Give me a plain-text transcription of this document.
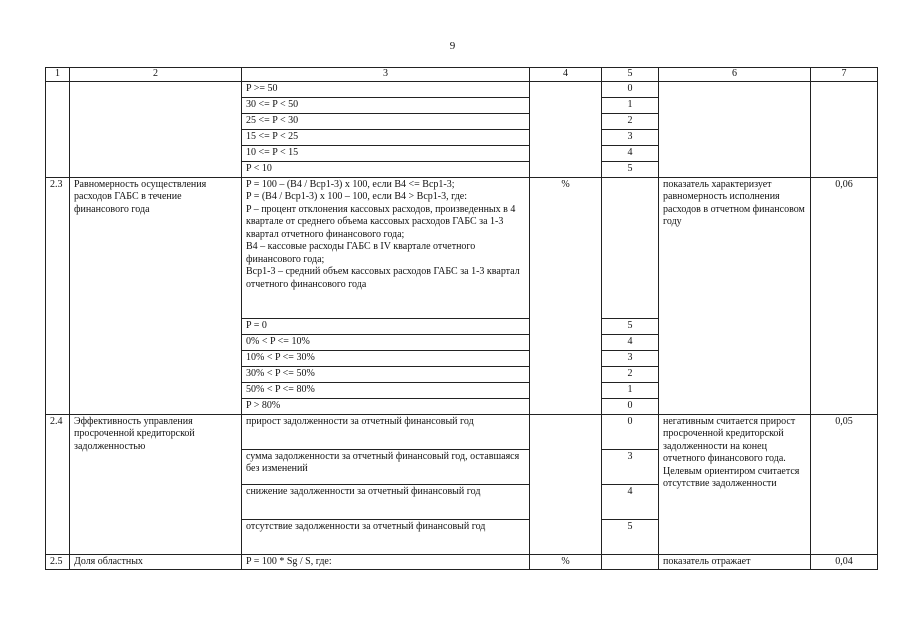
9
1	2	3	4	5	6	7
		P >= 50		0		
		30 <= P < 50		1		
		25 <= P < 30		2		
		15 <= P < 25		3		
		10 <= P < 15		4		
		P < 10		5		
2.3	Равномерность осуществления расходов ГАБС в течение финансового года	P = 100 – (B4 / Bcp1-3) x 100, если B4 <= Bcp1-3;
P = (B4 / Bcp1-3) x 100 – 100, если B4 > Bcp1-3, где:
P – процент отклонения кассовых расходов, произведенных в 4 квартале от среднего объема кассовых расходов ГАБС за 1-3 квартал отчетного финансового года;
B4 – кассовые расходы ГАБС в IV квартале отчетного финансового года;
Bcp1-3 – средний объем кассовых расходов ГАБС за 1-3 квартал отчетного финансового года	%		показатель характеризует равномерность исполнения расходов в отчетном финансовом году	0,06
		P = 0		5		
		0% < P <= 10%		4		
		10% < P <= 30%		3		
		30% < P <= 50%		2		
		50% < P <= 80%		1		
		P > 80%		0		
2.4	Эффективность управления просроченной кредиторской задолженностью	прирост задолженности за отчетный финансовый год		0	негативным считается прирост просроченной кредиторской задолженности на конец отчетного финансового года. Целевым ориентиром считается отсутствие задолженности	0,05
		сумма задолженности за отчетный финансовый год, оставшаяся без изменений		3		
		снижение задолженности за отчетный финансовый год		4		
		отсутствие задолженности за отчетный финансовый год		5		
2.5	Доля областных	P = 100 * Sg / S, где:	%		показатель отражает	0,04
